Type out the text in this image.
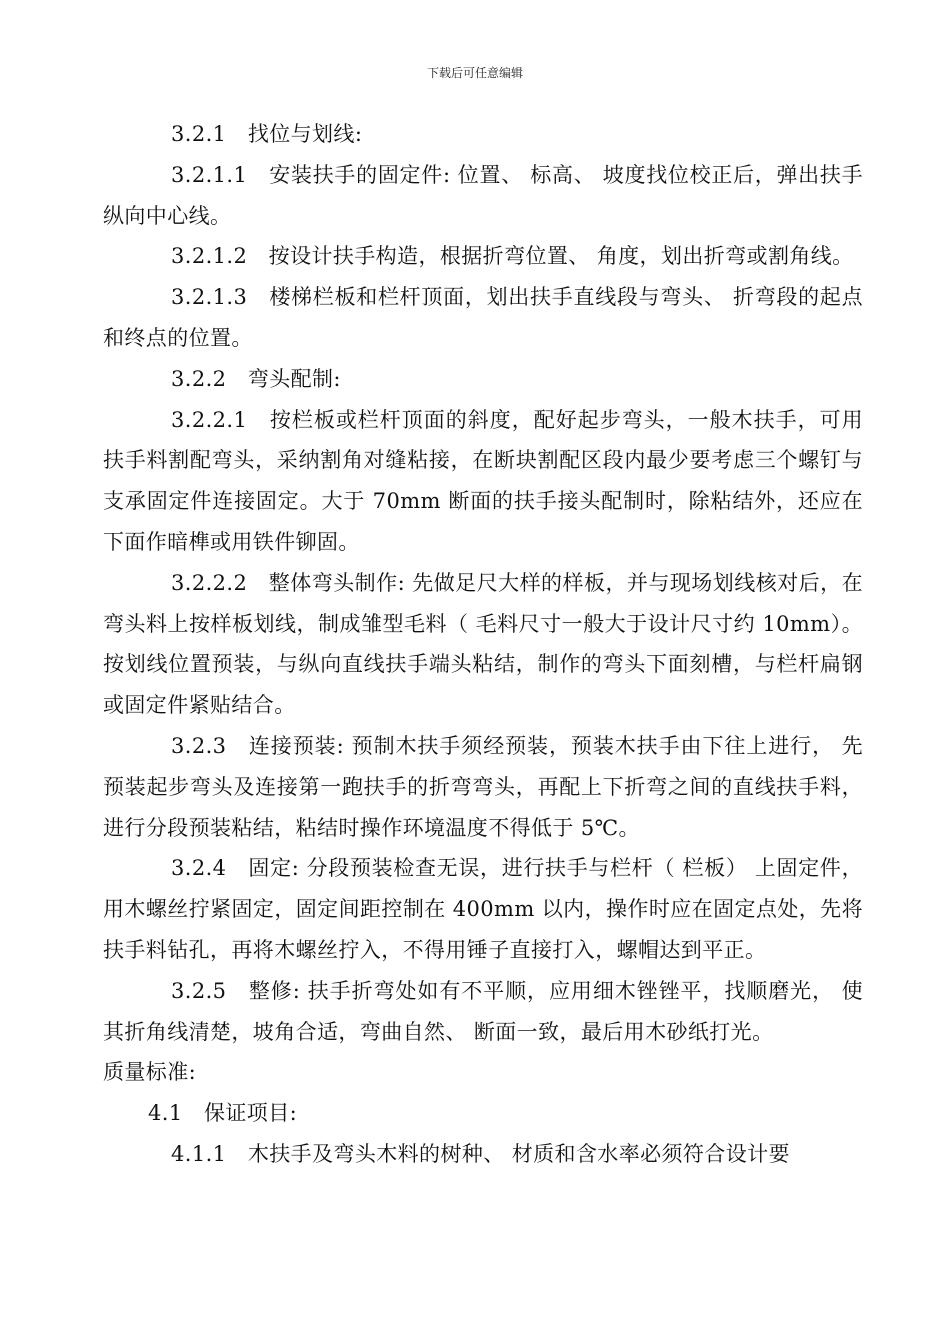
下载后可任意编辑

3.2.1　找位与划线:

3.2.1.1　安装扶手的固定件: 位置、 标高、 坡度找位校正后，弹出扶手纵向中心线。

3.2.1.2　按设计扶手构造，根据折弯位置、 角度，划出折弯或割角线。

3.2.1.3　楼梯栏板和栏杆顶面，划出扶手直线段与弯头、 折弯段的起点和终点的位置。

3.2.2　弯头配制:

3.2.2.1　按栏板或栏杆顶面的斜度，配好起步弯头，一般木扶手，可用扶手料割配弯头，采纳割角对缝粘接，在断块割配区段内最少要考虑三个螺钉与支承固定件连接固定。大于 70mm 断面的扶手接头配制时，除粘结外，还应在下面作暗榫或用铁件铆固。

3.2.2.2　整体弯头制作: 先做足尺大样的样板，并与现场划线核对后，在弯头料上按样板划线，制成雏型毛料（ 毛料尺寸一般大于设计尺寸约 10mm）。按划线位置预装，与纵向直线扶手端头粘结，制作的弯头下面刻槽，与栏杆扁钢或固定件紧贴结合。

3.2.3　连接预装: 预制木扶手须经预装，预装木扶手由下往上进行， 先预装起步弯头及连接第一跑扶手的折弯弯头，再配上下折弯之间的直线扶手料，进行分段预装粘结，粘结时操作环境温度不得低于 5℃。

3.2.4　固定: 分段预装检查无误，进行扶手与栏杆（ 栏板） 上固定件，用木螺丝拧紧固定，固定间距控制在 400mm 以内，操作时应在固定点处，先将扶手料钻孔，再将木螺丝拧入，不得用锤子直接打入，螺帽达到平正。

3.2.5　整修: 扶手折弯处如有不平顺，应用细木锉锉平，找顺磨光， 使其折角线清楚，坡角合适，弯曲自然、 断面一致，最后用木砂纸打光。

质量标准:

4.1　保证项目:

4.1.1　木扶手及弯头木料的树种、 材质和含水率必须符合设计要
